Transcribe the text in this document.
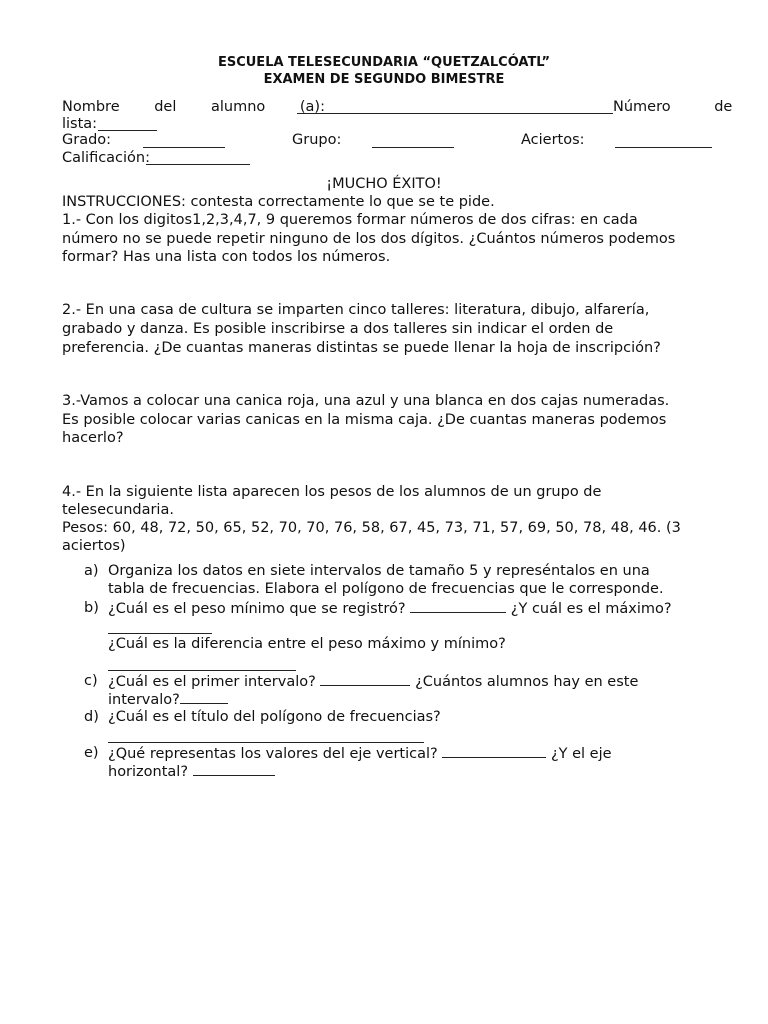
ESCUELA TELESECUNDARIA “QUETZALCÓATL”
EXAMEN DE SEGUNDO BIMESTRE
Nombre del alumno (a):	Número de
lista:
Grado:	Grupo:	Aciertos:
Calificación:
¡MUCHO ÉXITO!
INSTRUCCIONES: contesta correctamente lo que se te pide.
1.- Con los digitos1,2,3,4,7, 9 queremos formar números de dos cifras: en cada
número no se puede repetir ninguno de los dos dígitos. ¿Cuántos números podemos
formar? Has una lista con todos los números.
2.- En una casa de cultura se imparten cinco talleres: literatura, dibujo, alfarería,
grabado y danza. Es posible inscribirse a dos talleres sin indicar el orden de
preferencia. ¿De cuantas maneras distintas se puede llenar la hoja de inscripción?
3.-Vamos a colocar una canica roja, una azul y una blanca en dos cajas numeradas.
Es posible colocar varias canicas en la misma caja. ¿De cuantas maneras podemos
hacerlo?
4.- En la siguiente lista aparecen los pesos de los alumnos de un grupo de
telesecundaria.
Pesos: 60, 48, 72, 50, 65, 52, 70, 70, 76, 58, 67, 45, 73, 71, 57, 69, 50, 78, 48, 46. (3
aciertos)
a) Organiza los datos en siete intervalos de tamaño 5 y represéntalos en una
tabla de frecuencias. Elabora el polígono de frecuencias que le corresponde.
b) ¿Cuál es el peso mínimo que se registró?	¿Y cuál es el máximo?
¿Cuál es la diferencia entre el peso máximo y mínimo?
c) ¿Cuál es el primer intervalo?	¿Cuántos alumnos hay en este
intervalo?
d) ¿Cuál es el título del polígono de frecuencias?
e) ¿Qué representas los valores del eje vertical?	¿Y el eje
horizontal?
